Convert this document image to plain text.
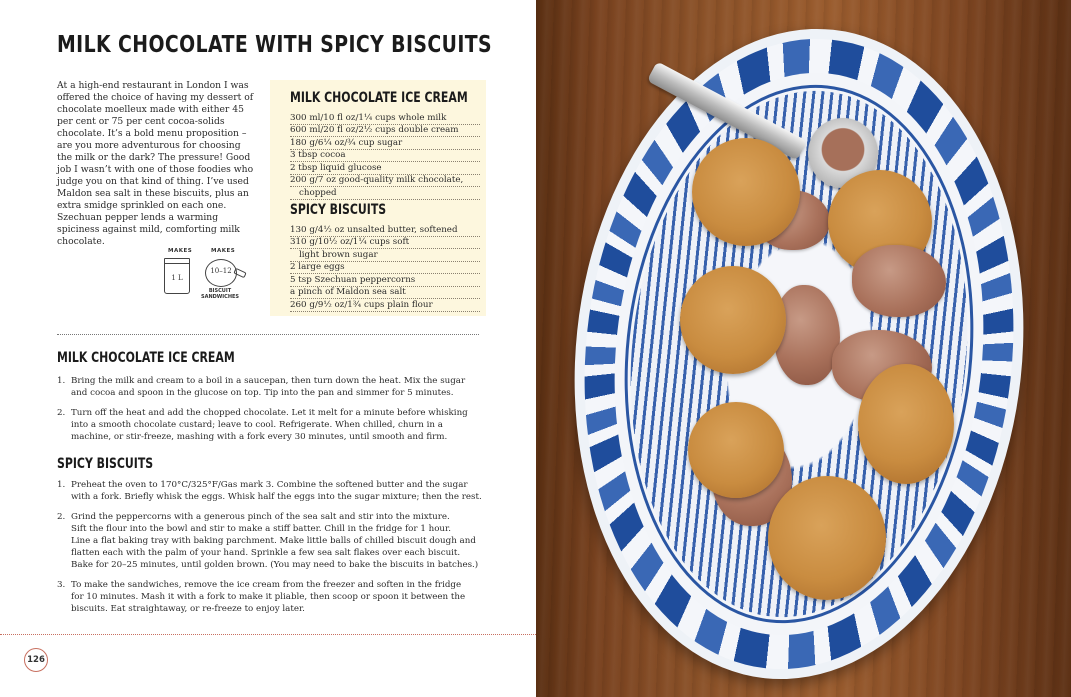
MILK CHOCOLATE WITH SPICY BISCUITS

At a high-end restaurant in London I was offered the choice of having my dessert of chocolate moelleux made with either 45 per cent or 75 per cent cocoa-solids chocolate. It’s a bold menu proposition – are you more adventurous for choosing the milk or the dark? The pressure! Good job I wasn’t with one of those foodies who judge you on that kind of thing. I’ve used Maldon sea salt in these biscuits, plus an extra smidge sprinkled on each one. Szechuan pepper lends a warming spiciness against mild, comforting milk chocolate.

MAKES
1 L
MAKES
10–12
BISCUIT
SANDWICHES
MILK CHOCOLATE ICE CREAM
300 ml/10 fl oz/1¼ cups whole milk
600 ml/20 fl oz/2½ cups double cream
180 g/6¼ oz/¾ cup sugar
3 tbsp cocoa
2 tbsp liquid glucose
200 g/7 oz good-quality milk chocolate,
chopped
SPICY BISCUITS
130 g/4½ oz unsalted butter, softened
310 g/10½ oz/1¼ cups soft
light brown sugar
2 large eggs
5 tsp Szechuan peppercorns
a pinch of Maldon sea salt
260 g/9½ oz/1¾ cups plain flour
MILK CHOCOLATE ICE CREAM
1. Bring the milk and cream to a boil in a saucepan, then turn down the heat. Mix the sugar
and cocoa and spoon in the glucose on top. Tip into the pan and simmer for 5 minutes.
2. Turn off the heat and add the chopped chocolate. Let it melt for a minute before whisking
into a smooth chocolate custard; leave to cool. Refrigerate. When chilled, churn in a
machine, or stir-freeze, mashing with a fork every 30 minutes, until smooth and firm.
SPICY BISCUITS
1. Preheat the oven to 170°C/325°F/Gas mark 3. Combine the softened butter and the sugar
with a fork. Briefly whisk the eggs. Whisk half the eggs into the sugar mixture; then the rest.
2. Grind the peppercorns with a generous pinch of the sea salt and stir into the mixture.
Sift the flour into the bowl and stir to make a stiff batter. Chill in the fridge for 1 hour.
Line a flat baking tray with baking parchment. Make little balls of chilled biscuit dough and
flatten each with the palm of your hand. Sprinkle a few sea salt flakes over each biscuit.
Bake for 20–25 minutes, until golden brown. (You may need to bake the biscuits in batches.)
3. To make the sandwiches, remove the ice cream from the freezer and soften in the fridge
for 10 minutes. Mash it with a fork to make it pliable, then scoop or spoon it between the
biscuits. Eat straightaway, or re-freeze to enjoy later.
126
